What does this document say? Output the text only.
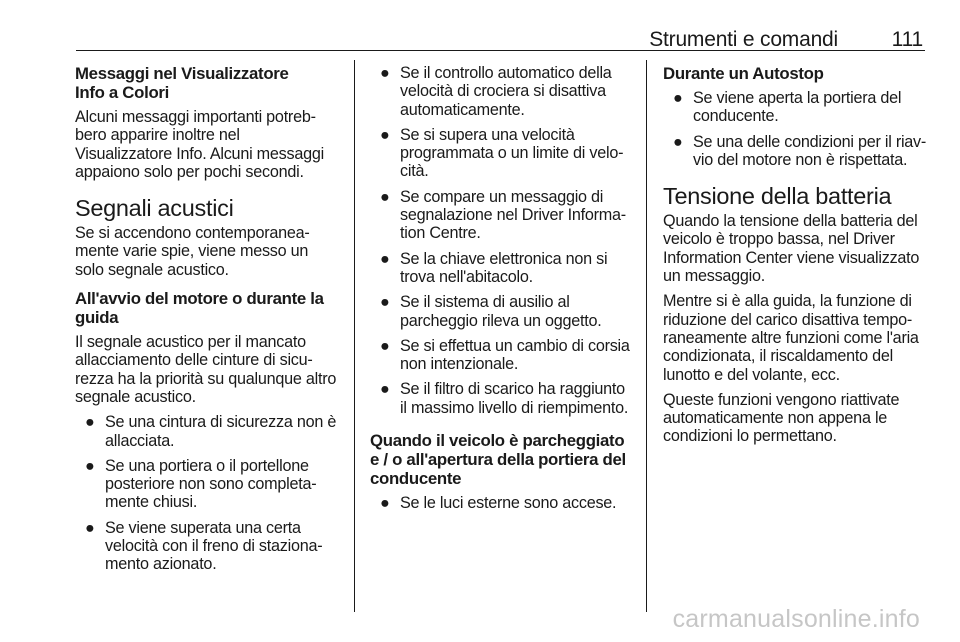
Strumenti e comandi	111
Messaggi nel Visualizzatore
Info a Colori
Alcuni messaggi importanti potreb-
bero apparire inoltre nel
Visualizzatore Info. Alcuni messaggi
appaiono solo per pochi secondi.
Segnali acustici
Se si accendono contemporanea-
mente varie spie, viene messo un
solo segnale acustico.
All'avvio del motore o durante la
guida
Il segnale acustico per il mancato
allacciamento delle cinture di sicu-
rezza ha la priorità su qualunque altro
segnale acustico.
● Se una cintura di sicurezza non è
allacciata.
● Se una portiera o il portellone
posteriore non sono completa-
mente chiusi.
● Se viene superata una certa
velocità con il freno di staziona-
mento azionato.
● Se il controllo automatico della
velocità di crociera si disattiva
automaticamente.
● Se si supera una velocità
programmata o un limite di velo-
cità.
● Se compare un messaggio di
segnalazione nel Driver Informa-
tion Centre.
● Se la chiave elettronica non si
trova nell'abitacolo.
● Se il sistema di ausilio al
parcheggio rileva un oggetto.
● Se si effettua un cambio di corsia
non intenzionale.
● Se il filtro di scarico ha raggiunto
il massimo livello di riempimento.
Quando il veicolo è parcheggiato
e / o all'apertura della portiera del
conducente
● Se le luci esterne sono accese.
Durante un Autostop
● Se viene aperta la portiera del
conducente.
● Se una delle condizioni per il riav-
vio del motore non è rispettata.
Tensione della batteria
Quando la tensione della batteria del
veicolo è troppo bassa, nel Driver
Information Center viene visualizzato
un messaggio.
Mentre si è alla guida, la funzione di
riduzione del carico disattiva tempo-
raneamente altre funzioni come l'aria
condizionata, il riscaldamento del
lunotto e del volante, ecc.
Queste funzioni vengono riattivate
automaticamente non appena le
condizioni lo permettano.
carmanualsonline.info
